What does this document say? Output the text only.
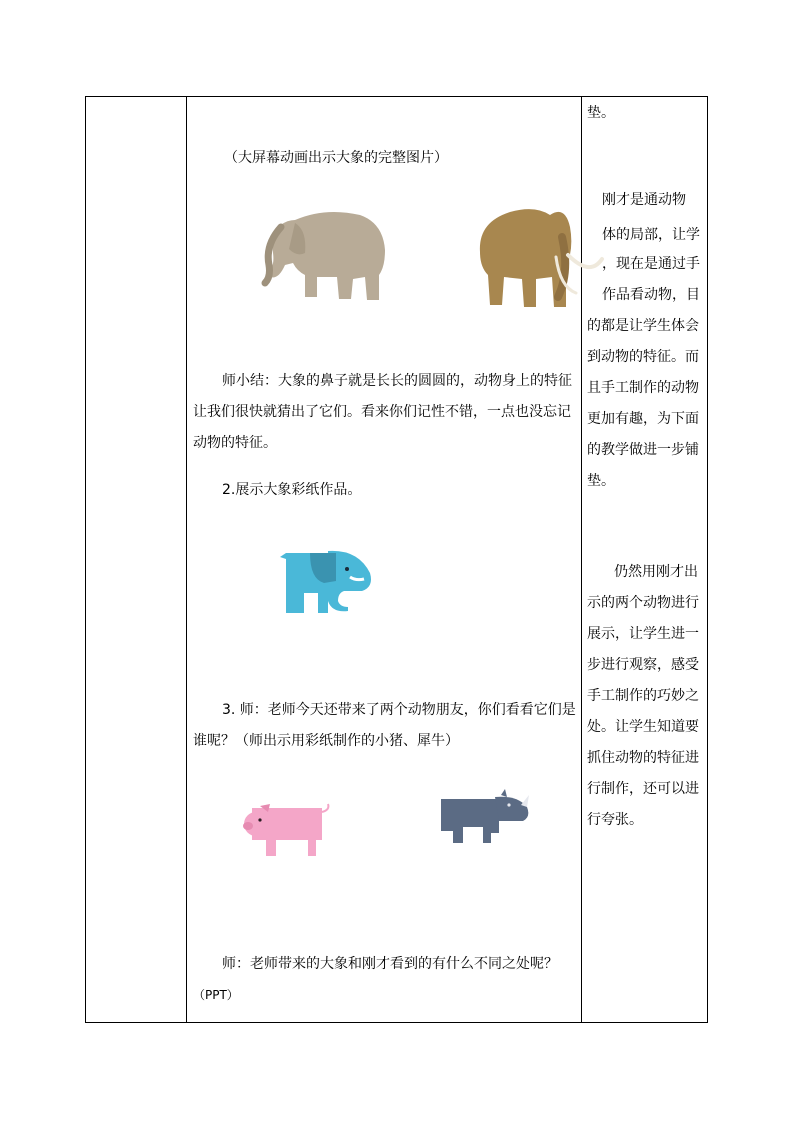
（大屏幕动画出示大象的完整图片）
师小结：大象的鼻子就是长长的圆圆的，动物身上的特征
让我们很快就猜出了它们。看来你们记性不错，一点也没忘记
动物的特征。
2.展示大象彩纸作品。
3. 师：老师今天还带来了两个动物朋友，你们看看它们是
谁呢？（师出示用彩纸制作的小猪、犀牛）
师：老师带来的大象和刚才看到的有什么不同之处呢？
（PPT）
垫。
刚才是通动物
体的局部，让学
，现在是通过手
作品看动物，目
的都是让学生体会
到动物的特征。而
且手工制作的动物
更加有趣，为下面
的教学做进一步铺
垫。
仍然用刚才出
示的两个动物进行
展示，让学生进一
步进行观察，感受
手工制作的巧妙之
处。让学生知道要
抓住动物的特征进
行制作，还可以进
行夸张。
